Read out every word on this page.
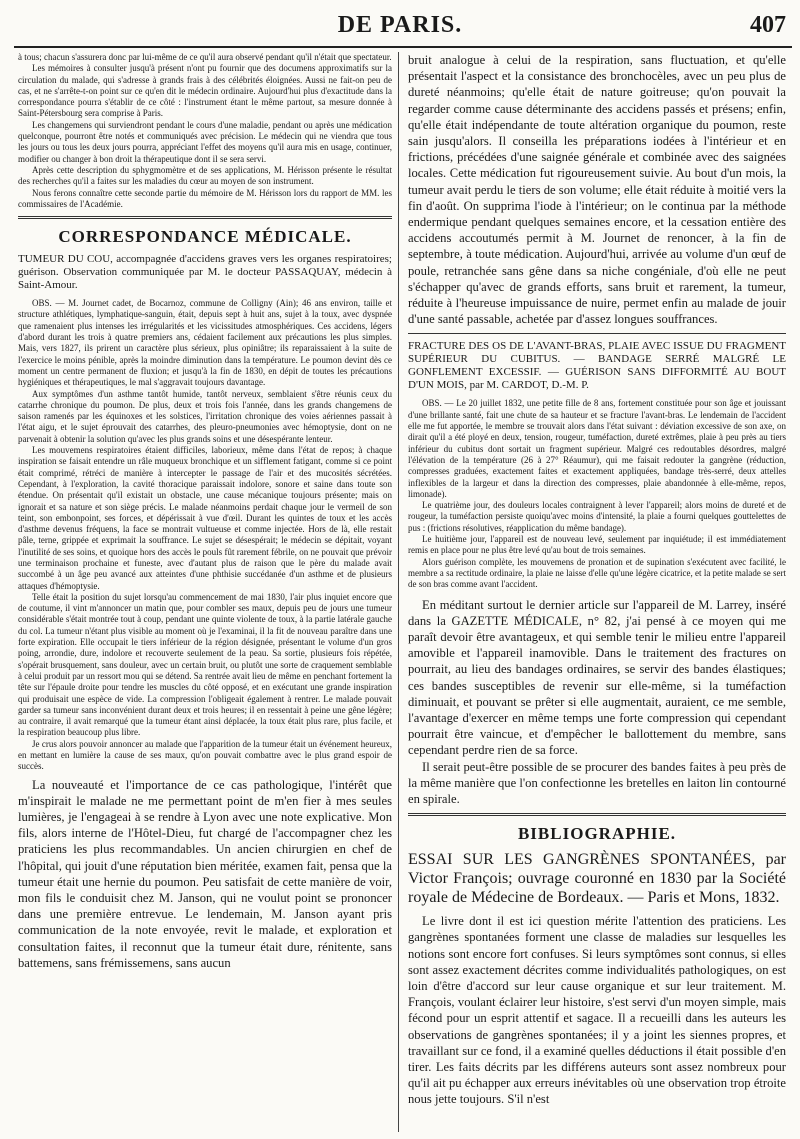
DE PARIS.	407

à tous; chacun s'assurera donc par lui-même de ce qu'il aura observé pendant qu'il n'était que spectateur.

Les mémoires à consulter jusqu'à présent n'ont pu fournir que des documens approximatifs sur la circulation du malade, qui s'adresse à grands frais à des célébrités éloignées. Aussi ne fait-on peu de cas, et ne s'arrête-t-on point sur ce qu'en dit le médecin ordinaire. Aujourd'hui plus d'exactitude dans la correspondance pourra s'établir de ce côté : l'instrument étant le même partout, sa mesure donnée à Saint-Pétersbourg sera comprise à Paris.

Les changemens qui surviendront pendant le cours d'une maladie, pendant ou après une médication quelconque, pourront être notés et communiqués avec précision. Le médecin qui ne viendra que tous les jours ou tous les deux jours pourra, appréciant l'effet des moyens qu'il aura mis en usage, continuer, modifier ou changer à bon droit la thérapeutique dont il se sera servi.

Après cette description du sphygmomètre et de ses applications, M. Hérisson présente le résultat des recherches qu'il a faites sur les maladies du cœur au moyen de son instrument.

Nous ferons connaître cette seconde partie du mémoire de M. Hérisson lors du rapport de MM. les commissaires de l'Académie.

CORRESPONDANCE MÉDICALE.

TUMEUR DU COU, accompagnée d'accidens graves vers les organes respiratoires; guérison. Observation communiquée par M. le docteur PASSAQUAY, médecin à Saint-Amour.

OBS. — M. Journet cadet, de Bocarnoz, commune de Colligny (Ain); 46 ans environ, taille et structure athlétiques, lymphatique-sanguin, était, depuis sept à huit ans, sujet à la toux, avec dyspnée que ramenaient plus intenses les irrégularités et les vicissitudes atmosphériques. Ces accidens, légers d'abord durant les trois à quatre premiers ans, cédaient facilement aux précautions les plus simples. Mais, vers 1827, ils prirent un caractère plus sérieux, plus opiniâtre; ils reparaissaient à la suite de l'exercice le moins pénible, après la moindre diminution dans la température. Le poumon devint dès ce moment un centre permanent de fluxion; et jusqu'à la fin de 1830, en dépit de toutes les précautions hygiéniques et thérapeutiques, le mal s'aggravait toujours davantage.

Aux symptômes d'un asthme tantôt humide, tantôt nerveux, semblaient s'être réunis ceux du catarrhe chronique du poumon. De plus, deux et trois fois l'année, dans les grands changemens de saison ramenés par les équinoxes et les solstices, l'irritation chronique des voies aériennes passait à l'état aigu, et le sujet éprouvait des catarrhes, des pleuro-pneumonies avec hémoptysie, dont on ne parvenait à obtenir la solution qu'avec les plus grands soins et une désespérante lenteur.

Les mouvemens respiratoires étaient difficiles, laborieux, même dans l'état de repos; à chaque inspiration se faisait entendre un râle muqueux bronchique et un sifflement fatigant, comme si ce point était comprimé, rétréci de manière à intercepter le passage de l'air et des mucosités sécrétées. Cependant, à l'exploration, la cavité thoracique paraissait indolore, sonore et saine dans toute son étendue. On présentait qu'il existait un obstacle, une cause mécanique toujours présente; mais on ignorait et sa nature et son siège précis. Le malade néanmoins perdait chaque jour le vermeil de son teint, son embonpoint, ses forces, et dépérissait à vue d'œil. Durant les quintes de toux et les accès d'asthme devenus fréquens, la face se montrait vultueuse et comme injectée. Hors de là, elle restait pâle, terne, grippée et exprimait la souffrance. Le sujet se désespérait; le médecin se dépitait, voyant l'inutilité de ses soins, et quoique hors des accès le pouls fût rarement fébrile, on ne pouvait que prévoir une terminaison prochaine et funeste, avec d'autant plus de raison que le père du malade avait succombé à un âge peu avancé aux atteintes d'une phthisie succédanée d'un asthme et de plusieurs attaques d'hémoptysie.

Telle était la position du sujet lorsqu'au commencement de mai 1830, l'air plus inquiet encore que de coutume, il vint m'annoncer un matin que, pour combler ses maux, depuis peu de jours une tumeur considérable s'était montrée tout à coup, pendant une quinte violente de toux, à la partie latérale gauche du col. La tumeur n'étant plus visible au moment où je l'examinai, il la fit de nouveau paraître dans une forte expiration. Elle occupait le tiers inférieur de la région désignée, présentant le volume d'un gros poing, arrondie, dure, indolore et recouverte seulement de la peau. Sa sortie, plusieurs fois répétée, s'opérait brusquement, sans douleur, avec un certain bruit, ou plutôt une sorte de craquement semblable à celui produit par un ressort mou qui se détend. Sa rentrée avait lieu de même en penchant fortement la tête sur l'épaule droite pour tendre les muscles du côté opposé, et en exécutant une grande inspiration qui produisait une espèce de vide. La compression l'obligeait également à rentrer. Le malade pouvait garder sa tumeur sans inconvénient durant deux et trois heures; il en ressentait à peine une gêne légère; au contraire, il avait remarqué que la tumeur étant ainsi déplacée, la toux était plus rare, plus facile, et la respiration beaucoup plus libre.

Je crus alors pouvoir annoncer au malade que l'apparition de la tumeur était un événement heureux, en mettant en lumière la cause de ses maux, qu'on pouvait combattre avec le plus grand espoir de succès.

La nouveauté et l'importance de ce cas pathologique, l'intérêt que m'inspirait le malade ne me permettant point de m'en fier à mes seules lumières, je l'engageai à se rendre à Lyon avec une note explicative. Mon fils, alors interne de l'Hôtel-Dieu, fut chargé de l'accompagner chez les praticiens les plus recommandables. Un ancien chirurgien en chef de l'hôpital, qui jouit d'une réputation bien méritée, examen fait, pensa que la tumeur était une hernie du poumon. Peu satisfait de cette manière de voir, mon fils le conduisit chez M. Janson, qui ne voulut point se prononcer dans une première entrevue. Le lendemain, M. Janson ayant pris communication de la note envoyée, revit le malade, et exploration et consultation faites, il reconnut que la tumeur était dure, rénitente, sans battemens, sans frémissemens, sans aucun

bruit analogue à celui de la respiration, sans fluctuation, et qu'elle présentait l'aspect et la consistance des bronchocèles, avec un peu plus de dureté néanmoins; qu'elle était de nature goitreuse; qu'on pouvait la regarder comme cause déterminante des accidens passés et présens; enfin, qu'elle était indépendante de toute altération organique du poumon, reste sain jusqu'alors. Il conseilla les préparations iodées à l'intérieur et en frictions, précédées d'une saignée générale et combinée avec des saignées locales. Cette médication fut rigoureusement suivie. Au bout d'un mois, la tumeur avait perdu le tiers de son volume; elle était réduite à moitié vers la fin d'août. On supprima l'iode à l'intérieur; on le continua par la méthode endermique pendant quelques semaines encore, et la cessation entière des accidens accoutumés permit à M. Journet de renoncer, à la fin de septembre, à toute médication. Aujourd'hui, arrivée au volume d'un œuf de poule, retranchée sans gêne dans sa niche congéniale, d'où elle ne peut s'échapper qu'avec de grands efforts, sans bruit et rarement, la tumeur, réduite à l'heureuse impuissance de nuire, permet enfin au malade de jouir d'une santé passable, achetée par d'assez longues souffrances.

FRACTURE DES OS DE L'AVANT-BRAS, PLAIE AVEC ISSUE DU FRAGMENT SUPÉRIEUR DU CUBITUS. — BANDAGE SERRÉ MALGRÉ LE GONFLEMENT EXCESSIF. — GUÉRISON SANS DIFFORMITÉ AU BOUT D'UN MOIS, par M. CARDOT, D.-M. P.

OBS. — Le 20 juillet 1832, une petite fille de 8 ans, fortement constituée pour son âge et jouissant d'une brillante santé, fait une chute de sa hauteur et se fracture l'avant-bras. Le lendemain de l'accident elle me fut apportée, le membre se trouvait alors dans l'état suivant : déviation excessive de son axe, on dirait qu'il a été ployé en deux, tension, rougeur, tuméfaction, dureté extrêmes, plaie à peu près au tiers inférieur du cubitus dont sortait un fragment supérieur. Malgré ces redoutables désordres, malgré l'élévation de la température (26 à 27° Réaumur), qui me faisait redouter la gangrène (réduction, compresses graduées, exactement faites et exactement appliquées, bandage très-serré, deux attelles inflexibles de la largeur et dans la direction des compresses, plaie abandonnée à elle-même, repos, limonade).

Le quatrième jour, des douleurs locales contraignent à lever l'appareil; alors moins de dureté et de rougeur, la tuméfaction persiste quoiqu'avec moins d'intensité, la plaie a fourni quelques gouttelettes de pus : (frictions résolutives, réapplication du même bandage).

Le huitième jour, l'appareil est de nouveau levé, seulement par inquiétude; il est immédiatement remis en place pour ne plus être levé qu'au bout de trois semaines.

Alors guérison complète, les mouvemens de pronation et de supination s'exécutent avec facilité, le membre a sa rectitude ordinaire, la plaie ne laisse d'elle qu'une légère cicatrice, et la petite malade se sert de son bras comme avant l'accident.

En méditant surtout le dernier article sur l'appareil de M. Larrey, inséré dans la GAZETTE MÉDICALE, n° 82, j'ai pensé à ce moyen qui me paraît devoir être avantageux, et qui semble tenir le milieu entre l'appareil amovible et l'appareil inamovible. Dans le traitement des fractures on pourrait, au lieu des bandages ordinaires, se servir des bandes élastiques; ces bandes susceptibles de revenir sur elle-même, si la tuméfaction diminuait, et pouvant se prêter si elle augmentait, auraient, ce me semble, l'avantage d'exercer en même temps une forte compression qui cependant pourrait être vaincue, et d'empêcher le ballottement du membre, sans cependant perdre rien de sa force.

Il serait peut-être possible de se procurer des bandes faites à peu près de la même manière que l'on confectionne les bretelles en laiton lin contourné en spirale.

BIBLIOGRAPHIE.

ESSAI SUR LES GANGRÈNES SPONTANÉES, par Victor François; ouvrage couronné en 1830 par la Société royale de Médecine de Bordeaux. — Paris et Mons, 1832.

Le livre dont il est ici question mérite l'attention des praticiens. Les gangrènes spontanées forment une classe de maladies sur lesquelles les notions sont encore fort confuses. Si leurs symptômes sont connus, si elles sont assez exactement décrites comme individualités pathologiques, on est loin d'être d'accord sur leur cause organique et sur leur traitement. M. François, voulant éclairer leur histoire, s'est servi d'un moyen simple, mais fécond pour un esprit attentif et sagace. Il a recueilli dans les auteurs les observations de gangrènes spontanées; il y a joint les siennes propres, et travaillant sur ce fond, il a examiné quelles déductions il était possible d'en tirer. Les faits décrits par les différens auteurs sont assez nombreux pour qu'il ait pu échapper aux erreurs inévitables où une observation trop étroite nous jette toujours. S'il n'est
